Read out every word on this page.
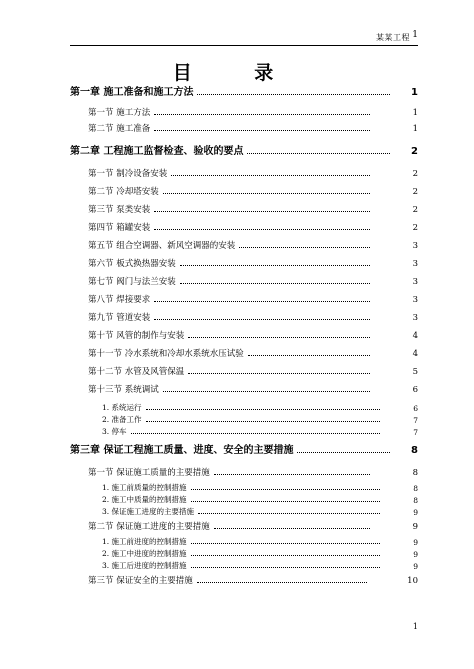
某某工程 1
目 录
第一章 施工准备和施工方法	1
第一节 施工方法	1
第二节 施工准备	1
第二章 工程施工监督检查、验收的要点	2
第一节 制冷设备安装	2
第二节 冷却塔安装	2
第三节 泵类安装	2
第四节 箱罐安装	2
第五节 组合空调器、新风空调器的安装	3
第六节 板式换热器安装	3
第七节 阀门与法兰安装	3
第八节 焊接要求	3
第九节 管道安装	3
第十节 风管的制作与安装	4
第十一节 冷水系统和冷却水系统水压试验	4
第十二节 水管及风管保温	5
第十三节 系统调试	6
1. 系统运行	6
2. 准备工作	7
3. 停车	7
第三章 保证工程施工质量、进度、安全的主要措施	8
第一节 保证施工质量的主要措施	8
1. 施工前质量的控制措施	8
2. 施工中质量的控制措施	8
3. 保证施工进度的主要措施	9
第二节 保证施工进度的主要措施	9
1. 施工前进度的控制措施	9
2. 施工中进度的控制措施	9
3. 施工后进度的控制措施	9
第三节 保证安全的主要措施	10
1
